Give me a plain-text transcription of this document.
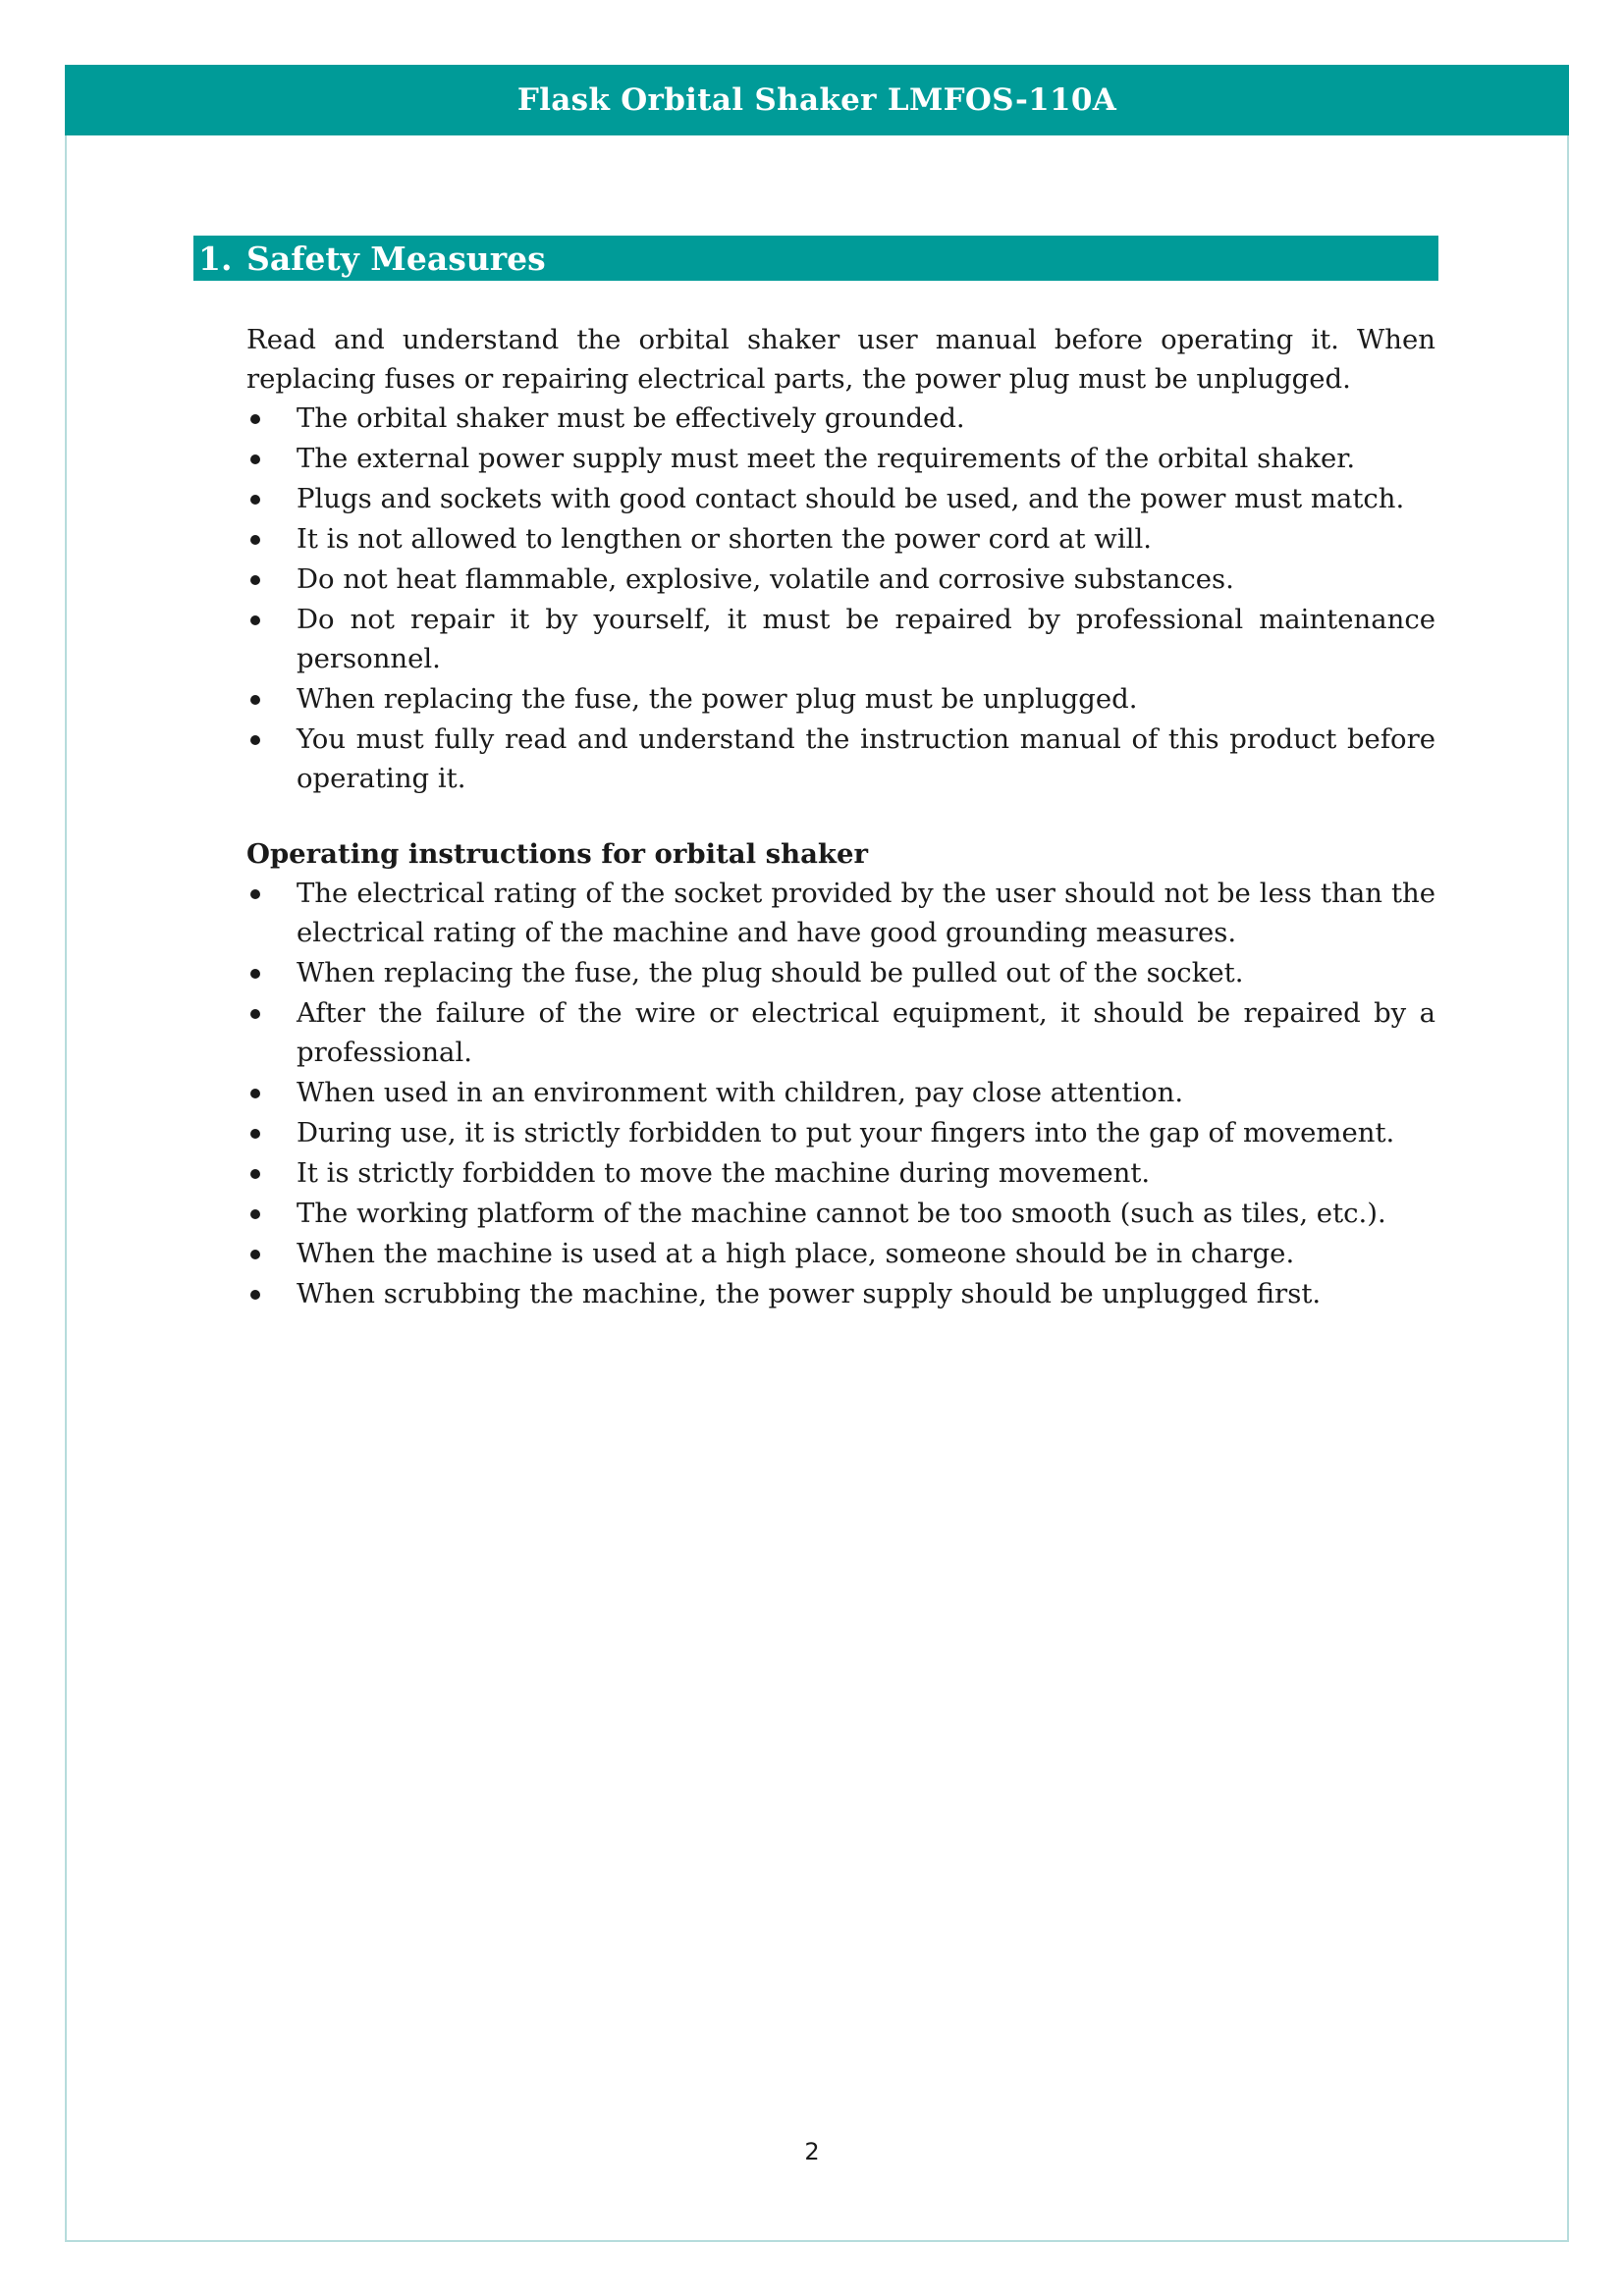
Flask Orbital Shaker LMFOS-110A
1. Safety Measures

Read and understand the orbital shaker user manual before operating it. When replacing fuses or repairing electrical parts, the power plug must be unplugged.

The orbital shaker must be effectively grounded.
The external power supply must meet the requirements of the orbital shaker.
Plugs and sockets with good contact should be used, and the power must match.
It is not allowed to lengthen or shorten the power cord at will.
Do not heat flammable, explosive, volatile and corrosive substances.
Do not repair it by yourself, it must be repaired by professional maintenance personnel.
When replacing the fuse, the power plug must be unplugged.
You must fully read and understand the instruction manual of this product before operating it.

Operating instructions for orbital shaker

The electrical rating of the socket provided by the user should not be less than the electrical rating of the machine and have good grounding measures.
When replacing the fuse, the plug should be pulled out of the socket.
After the failure of the wire or electrical equipment, it should be repaired by a professional.
When used in an environment with children, pay close attention.
During use, it is strictly forbidden to put your fingers into the gap of movement.
It is strictly forbidden to move the machine during movement.
The working platform of the machine cannot be too smooth (such as tiles, etc.).
When the machine is used at a high place, someone should be in charge.
When scrubbing the machine, the power supply should be unplugged first.
2
